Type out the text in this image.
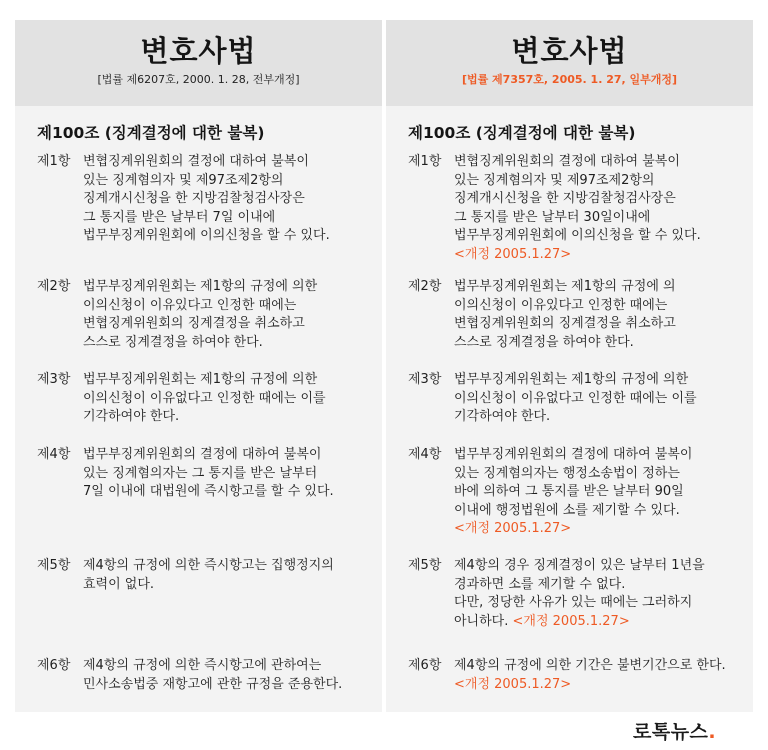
변호사법
[법률 제6207호, 2000. 1. 28, 전부개정]
제100조 (징계결정에 대한 불복)
제1항 변협징계위원회의 결정에 대하여 불복이
있는 징계혐의자 및 제97조제2항의
징계개시신청을 한 지방검찰청검사장은
그 통지를 받은 날부터 7일 이내에
법무부징계위원회에 이의신청을 할 수 있다.
제2항 법무부징계위원회는 제1항의 규정에 의한
이의신청이 이유있다고 인정한 때에는
변협징계위원회의 징계결정을 취소하고
스스로 징계결정을 하여야 한다.
제3항 법무부징계위원회는 제1항의 규정에 의한
이의신청이 이유없다고 인정한 때에는 이를
기각하여야 한다.
제4항 법무부징계위원회의 결정에 대하여 불복이
있는 징계혐의자는 그 통지를 받은 날부터
7일 이내에 대법원에 즉시항고를 할 수 있다.
제5항 제4항의 규정에 의한 즉시항고는 집행정지의
효력이 없다.
제6항 제4항의 규정에 의한 즉시항고에 관하여는
민사소송법중 재항고에 관한 규정을 준용한다.
변호사법
[법률 제7357호, 2005. 1. 27, 일부개정]
제100조 (징계결정에 대한 불복)
제1항 변협징계위원회의 결정에 대하여 불복이
있는 징계혐의자 및 제97조제2항의
징계개시신청을 한 지방검찰청검사장은
그 통지를 받은 날부터 30일이내에
법무부징계위원회에 이의신청을 할 수 있다.
<개정 2005.1.27>
제2항 법무부징계위원회는 제1항의 규정에 의
이의신청이 이유있다고 인정한 때에는
변협징계위원회의 징계결정을 취소하고
스스로 징계결정을 하여야 한다.
제3항 법무부징계위원회는 제1항의 규정에 의한
이의신청이 이유없다고 인정한 때에는 이를
기각하여야 한다.
제4항 법무부징계위원회의 결정에 대하여 불복이
있는 징계혐의자는 행정소송법이 정하는
바에 의하여 그 통지를 받은 날부터 90일
이내에 행정법원에 소를 제기할 수 있다.
<개정 2005.1.27>
제5항 제4항의 경우 징계결정이 있은 날부터 1년을
경과하면 소를 제기할 수 없다.
다만, 정당한 사유가 있는 때에는 그러하지
아니하다. <개정 2005.1.27>
제6항 제4항의 규정에 의한 기간은 불변기간으로 한다.
<개정 2005.1.27>
로톡뉴스.
